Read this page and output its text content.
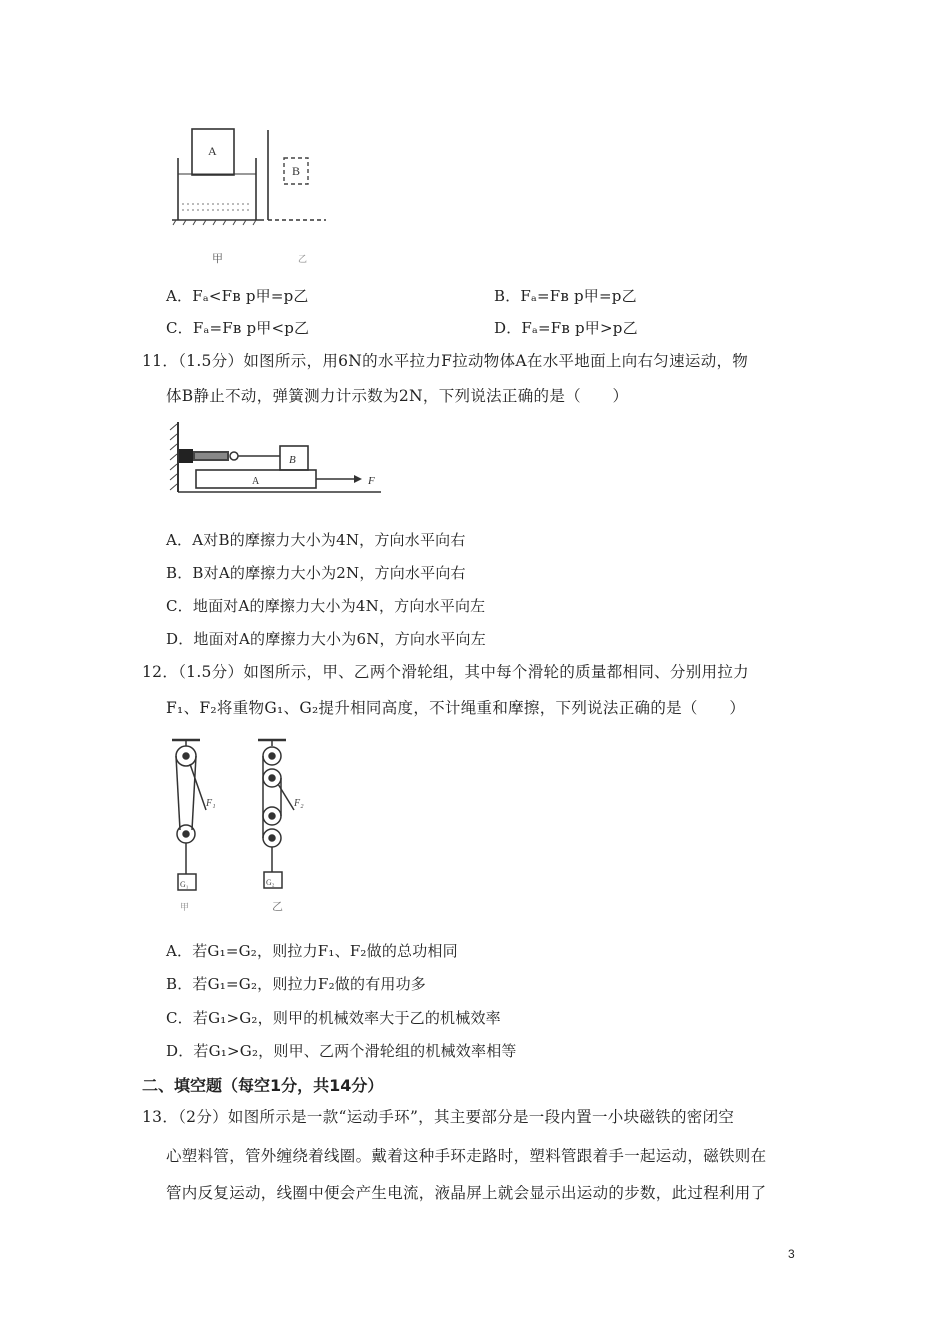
A
甲
B
乙
A．Fₐ<Fʙ p甲=p乙	B．Fₐ=Fʙ p甲=p乙
C．Fₐ=Fʙ p甲<p乙	D．Fₐ=Fʙ p甲>p乙
11．（1.5分）如图所示，用6N的水平拉力F拉动物体A在水平地面上向右匀速运动，物
体B静止不动，弹簧测力计示数为2N，下列说法正确的是（　　）
B
A	F
A．A对B的摩擦力大小为4N，方向水平向右
B．B对A的摩擦力大小为2N，方向水平向右
C．地面对A的摩擦力大小为4N，方向水平向左
D．地面对A的摩擦力大小为6N，方向水平向左
12．（1.5分）如图所示，甲、乙两个滑轮组，其中每个滑轮的质量都相同、分别用拉力
F₁、F₂将重物G₁、G₂提升相同高度，不计绳重和摩擦，下列说法正确的是（　　）
F₁
G₁
甲
F₂
G₂
乙
A．若G₁=G₂，则拉力F₁、F₂做的总功相同
B．若G₁=G₂，则拉力F₂做的有用功多
C．若G₁>G₂，则甲的机械效率大于乙的机械效率
D．若G₁>G₂，则甲、乙两个滑轮组的机械效率相等
二、填空题（每空1分，共14分）
13．（2分）如图所示是一款“运动手环”，其主要部分是一段内置一小块磁铁的密闭空
心塑料管，管外缠绕着线圈。戴着这种手环走路时，塑料管跟着手一起运动，磁铁则在
管内反复运动，线圈中便会产生电流，液晶屏上就会显示出运动的步数，此过程利用了
3
